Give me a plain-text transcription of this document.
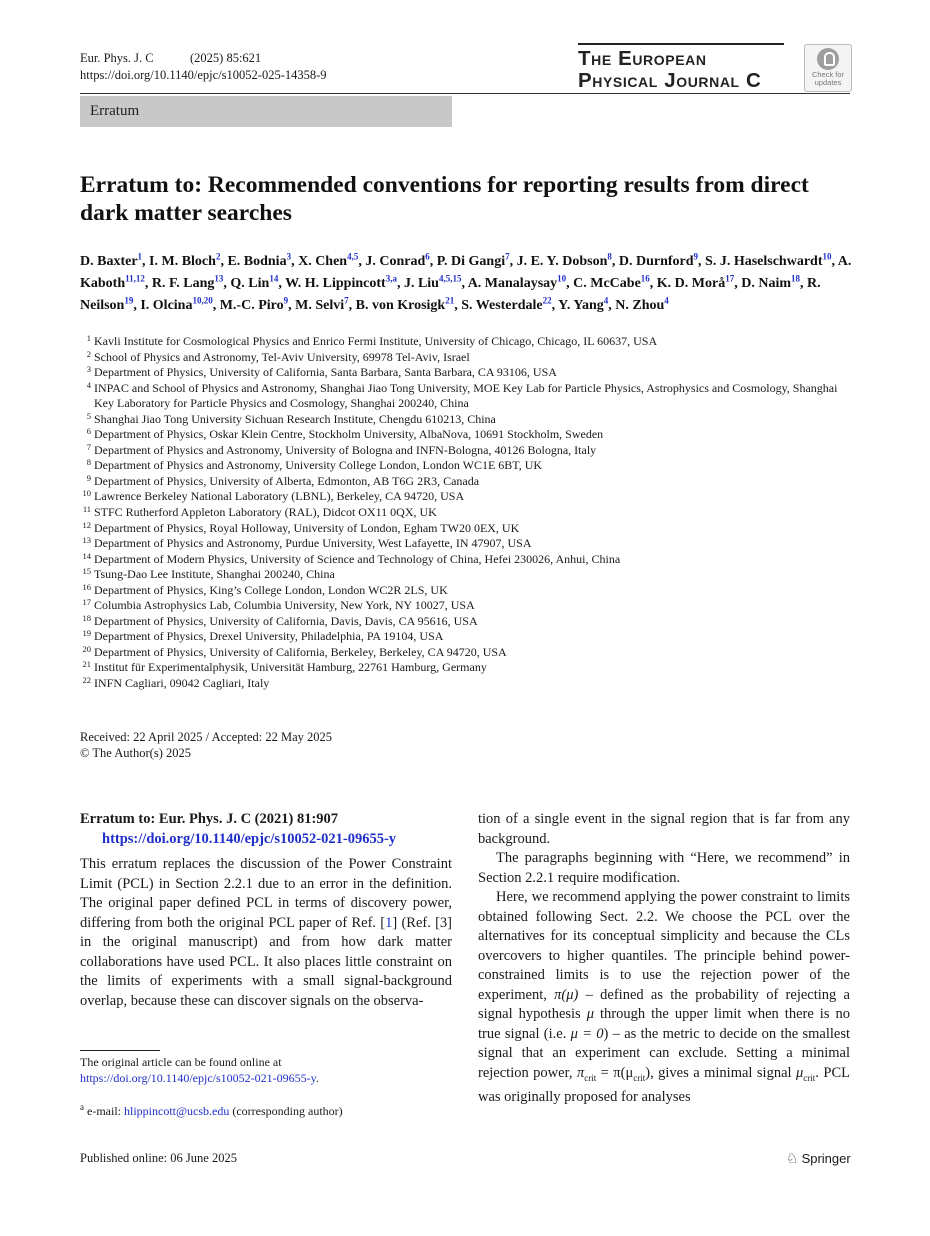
Eur. Phys. J. C	(2025) 85:621
https://doi.org/10.1140/epjc/s10052-025-14358-9
The European
Physical Journal C	Check for updates
Erratum
Erratum to: Recommended conventions for reporting results from direct dark matter searches
D. Baxter$^1$, I. M. Bloch$^2$, E. Bodnia$^3$, X. Chen$^{4,5}$, J. Conrad$^6$, P. Di Gangi$^7$, J. E. Y. Dobson$^8$, D. Durnford$^9$, S. J. Haselschwardt$^{10}$, A. Kaboth$^{11,12}$, R. F. Lang$^{13}$, Q. Lin$^{14}$, W. H. Lippincott$^{3,a}$, J. Liu$^{4,5,15}$, A. Manalaysay$^{10}$, C. McCabe$^{16}$, K. D. Morå$^{17}$, D. Naim$^{18}$, R. Neilson$^{19}$, I. Olcina$^{10,20}$, M.-C. Piro$^9$, M. Selvi$^7$, B. von Krosigk$^{21}$, S. Westerdale$^{22}$, Y. Yang$^4$, N. Zhou$^4$
1 Kavli Institute for Cosmological Physics and Enrico Fermi Institute, University of Chicago, Chicago, IL 60637, USA
2 School of Physics and Astronomy, Tel-Aviv University, 69978 Tel-Aviv, Israel
3 Department of Physics, University of California, Santa Barbara, Santa Barbara, CA 93106, USA
4 INPAC and School of Physics and Astronomy, Shanghai Jiao Tong University, MOE Key Lab for Particle Physics, Astrophysics and Cosmology, Shanghai Key Laboratory for Particle Physics and Cosmology, Shanghai 200240, China
5 Shanghai Jiao Tong University Sichuan Research Institute, Chengdu 610213, China
6 Department of Physics, Oskar Klein Centre, Stockholm University, AlbaNova, 10691 Stockholm, Sweden
7 Department of Physics and Astronomy, University of Bologna and INFN-Bologna, 40126 Bologna, Italy
8 Department of Physics and Astronomy, University College London, London WC1E 6BT, UK
9 Department of Physics, University of Alberta, Edmonton, AB T6G 2R3, Canada
10 Lawrence Berkeley National Laboratory (LBNL), Berkeley, CA 94720, USA
11 STFC Rutherford Appleton Laboratory (RAL), Didcot OX11 0QX, UK
12 Department of Physics, Royal Holloway, University of London, Egham TW20 0EX, UK
13 Department of Physics and Astronomy, Purdue University, West Lafayette, IN 47907, USA
14 Department of Modern Physics, University of Science and Technology of China, Hefei 230026, Anhui, China
15 Tsung-Dao Lee Institute, Shanghai 200240, China
16 Department of Physics, King’s College London, London WC2R 2LS, UK
17 Columbia Astrophysics Lab, Columbia University, New York, NY 10027, USA
18 Department of Physics, University of California, Davis, Davis, CA 95616, USA
19 Department of Physics, Drexel University, Philadelphia, PA 19104, USA
20 Department of Physics, University of California, Berkeley, Berkeley, CA 94720, USA
21 Institut für Experimentalphysik, Universität Hamburg, 22761 Hamburg, Germany
22 INFN Cagliari, 09042 Cagliari, Italy
Received: 22 April 2025 / Accepted: 22 May 2025
© The Author(s) 2025
Erratum to: Eur. Phys. J. C (2021) 81:907
https://doi.org/10.1140/epjc/s10052-021-09655-y

This erratum replaces the discussion of the Power Constraint Limit (PCL) in Section 2.2.1 due to an error in the definition. The original paper defined PCL in terms of discovery power, differing from both the original PCL paper of Ref. [1] (Ref. [3] in the original manuscript) and from how dark matter collaborations have used PCL. It also places little constraint on the limits of experiments with a small signal-background overlap, because these can discover signals on the observa-

tion of a single event in the signal region that is far from any background.

The paragraphs beginning with “Here, we recommend” in Section 2.2.1 require modification.

Here, we recommend applying the power constraint to limits obtained following Sect. 2.2. We choose the PCL over the alternatives for its conceptual simplicity and because the CLs overcovers to higher quantiles. The principle behind power-constrained limits is to use the rejection power of the experiment, π(μ) – defined as the probability of rejecting a signal hypothesis μ through the upper limit when there is no true signal (i.e. μ = 0) – as the metric to decide on the smallest signal that an experiment can exclude. Setting a minimal rejection power, $\pi_{crit} = \pi(\mu_{crit})$, gives a minimal signal $\mu_{crit}$. PCL was originally proposed for analyses

The original article can be found online at https://doi.org/10.1140/epjc/s10052-021-09655-y.
$^a$ e-mail: hlippincott@ucsb.edu (corresponding author)
Published online: 06 June 2025	♘ Springer
